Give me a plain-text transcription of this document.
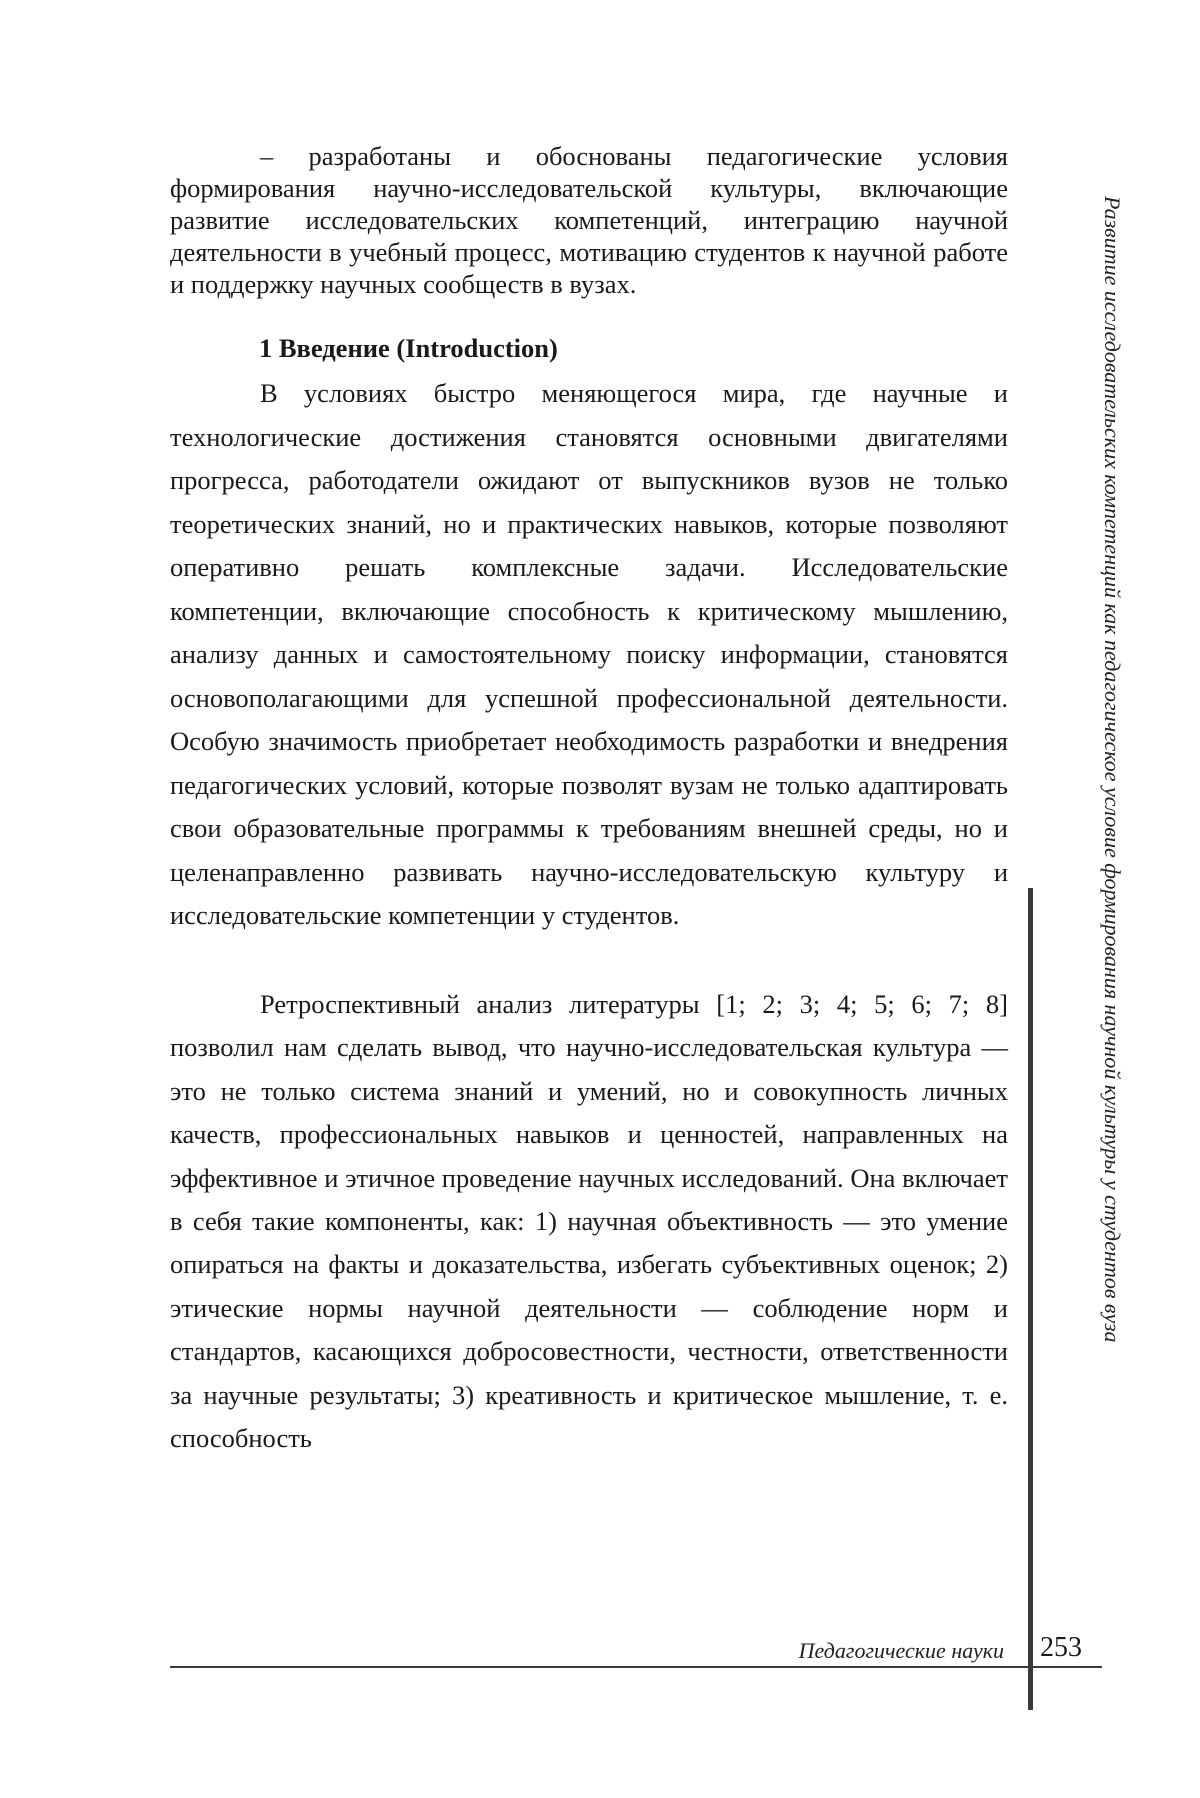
– разработаны и обоснованы педагогические условия формирования научно-исследовательской культуры, включающие развитие исследовательских компетенций, интеграцию научной деятельности в учебный процесс, мотивацию студентов к научной работе и поддержку научных сообществ в вузах.

1 Введение (Introduction)

В условиях быстро меняющегося мира, где научные и технологические достижения становятся основными двигателями прогресса, работодатели ожидают от выпускников вузов не только теоретических знаний, но и практических навыков, которые позволяют оперативно решать комплексные задачи. Исследовательские компетенции, включающие способность к критическому мышлению, анализу данных и самостоятельному поиску информации, становятся основополагающими для успешной профессиональной деятельности. Особую значимость приобретает необходимость разработки и внедрения педагогических условий, которые позволят вузам не только адаптировать свои образовательные программы к требованиям внешней среды, но и целенаправленно развивать научно-исследовательскую культуру и исследовательские компетенции у студентов.

Ретроспективный анализ литературы [1; 2; 3; 4; 5; 6; 7; 8] позволил нам сделать вывод, что научно-исследовательская культура — это не только система знаний и умений, но и совокупность личных качеств, профессиональных навыков и ценностей, направленных на эффективное и этичное проведение научных исследований. Она включает в себя такие компоненты, как: 1) научная объективность — это умение опираться на факты и доказательства, избегать субъективных оценок; 2) этические нормы научной деятельности — соблюдение норм и стандартов, касающихся добросовестности, честности, ответственности за научные результаты; 3) креативность и критическое мышление, т. е. способность

Развитие исследовательских компетенций как педагогическое условие формирования научной культуры у студентов вуза

Педагогические науки 253
